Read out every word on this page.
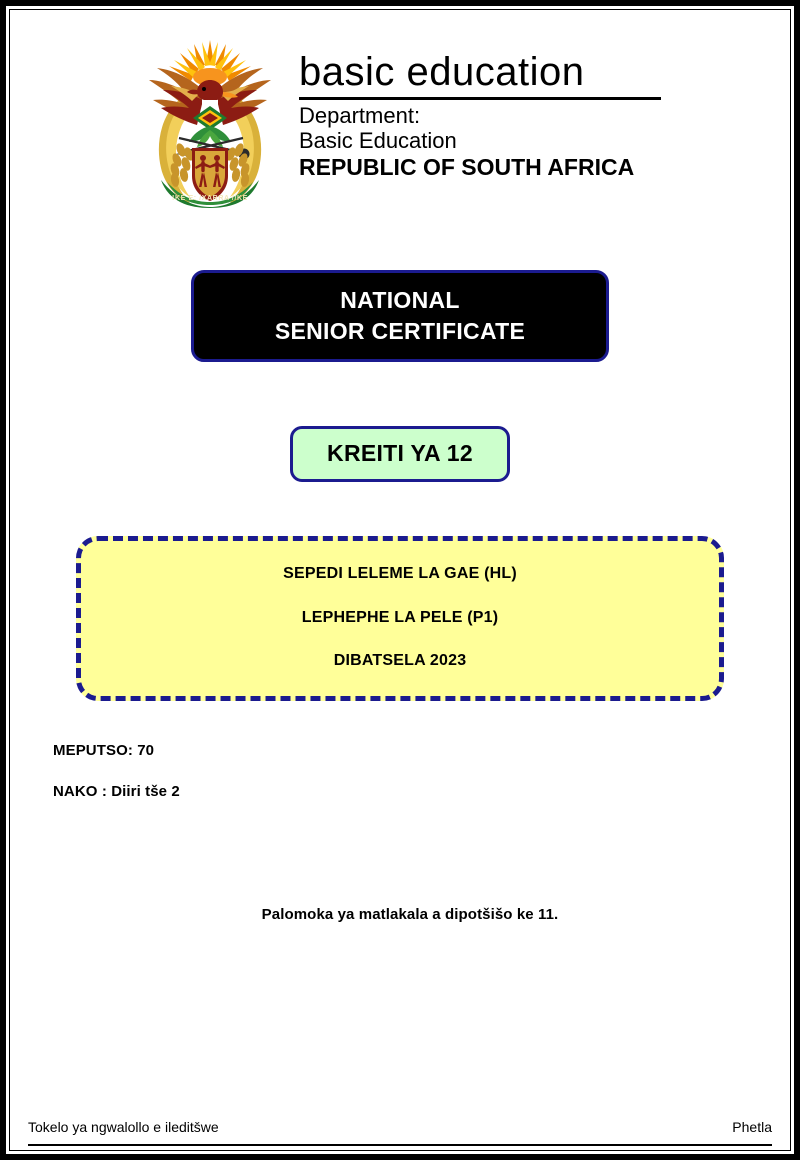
!KE E: /XARRA //KE
basic education
Department:
Basic Education
REPUBLIC OF SOUTH AFRICA
NATIONAL
SENIOR CERTIFICATE
KREITI YA 12

SEPEDI LELEME LA GAE (HL)

LEPHEPHE LA PELE (P1)

DIBATSELA 2023

MEPUTSO: 70
NAKO : Diiri tše 2
Palomoka ya matlakala a dipotšišo ke 11.
Tokelo ya ngwalollo e ileditšwe	Phetla
